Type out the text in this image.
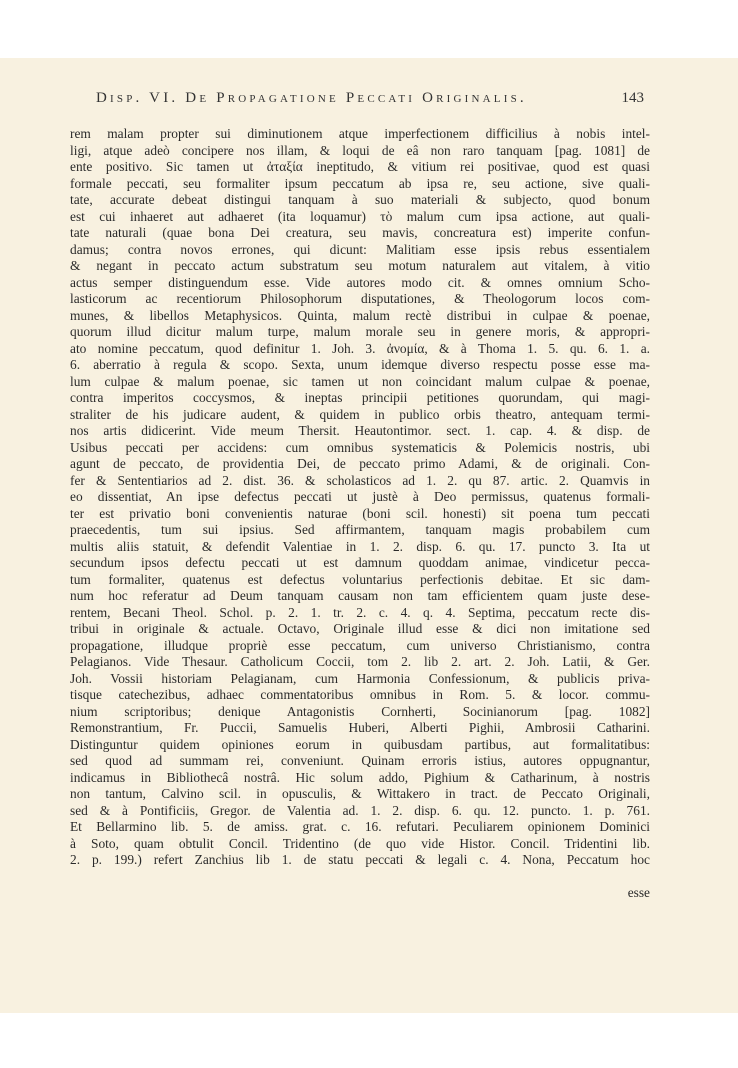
Disp. VI. De Propagatione Peccati Originalis.	143
rem malam propter sui diminutionem atque imperfectionem difficilius à nobis intel-
ligi, atque adeò concipere nos illam, & loqui de eâ non raro tanquam [pag. 1081] de
ente positivo. Sic tamen ut ἀταξία ineptitudo, & vitium rei positivae, quod est quasi
formale peccati, seu formaliter ipsum peccatum ab ipsa re, seu actione, sive quali-
tate, accurate debeat distingui tanquam à suo materiali & subjecto, quod bonum
est cui inhaeret aut adhaeret (ita loquamur) τὸ malum cum ipsa actione, aut quali-
tate naturali (quae bona Dei creatura, seu mavis, concreatura est) imperite confun-
damus; contra novos errones, qui dicunt: Malitiam esse ipsis rebus essentialem
& negant in peccato actum substratum seu motum naturalem aut vitalem, à vitio
actus semper distinguendum esse. Vide autores modo cit. & omnes omnium Scho-
lasticorum ac recentiorum Philosophorum disputationes, & Theologorum locos com-
munes, & libellos Metaphysicos. Quinta, malum rectè distribui in culpae & poenae,
quorum illud dicitur malum turpe, malum morale seu in genere moris, & appropri-
ato nomine peccatum, quod definitur 1. Joh. 3. ἀνομία, & à Thoma 1. 5. qu. 6. 1. a.
6. aberratio à regula & scopo. Sexta, unum idemque diverso respectu posse esse ma-
lum culpae & malum poenae, sic tamen ut non coincidant malum culpae & poenae,
contra imperitos coccysmos, & ineptas principii petitiones quorundam, qui magi-
straliter de his judicare audent, & quidem in publico orbis theatro, antequam termi-
nos artis didicerint. Vide meum Thersit. Heautontimor. sect. 1. cap. 4. & disp. de
Usibus peccati per accidens: cum omnibus systematicis & Polemicis nostris, ubi
agunt de peccato, de providentia Dei, de peccato primo Adami, & de originali. Con-
fer & Sententiarios ad 2. dist. 36. & scholasticos ad 1. 2. qu 87. artic. 2. Quamvis in
eo dissentiat, An ipse defectus peccati ut justè à Deo permissus, quatenus formali-
ter est privatio boni convenientis naturae (boni scil. honesti) sit poena tum peccati
praecedentis, tum sui ipsius. Sed affirmantem, tanquam magis probabilem cum
multis aliis statuit, & defendit Valentiae in 1. 2. disp. 6. qu. 17. puncto 3. Ita ut
secundum ipsos defectu peccati ut est damnum quoddam animae, vindicetur pecca-
tum formaliter, quatenus est defectus voluntarius perfectionis debitae. Et sic dam-
num hoc referatur ad Deum tanquam causam non tam efficientem quam juste dese-
rentem, Becani Theol. Schol. p. 2. 1. tr. 2. c. 4. q. 4. Septima, peccatum recte dis-
tribui in originale & actuale. Octavo, Originale illud esse & dici non imitatione sed
propagatione, illudque propriè esse peccatum, cum universo Christianismo, contra
Pelagianos. Vide Thesaur. Catholicum Coccii, tom 2. lib 2. art. 2. Joh. Latii, & Ger.
Joh. Vossii historiam Pelagianam, cum Harmonia Confessionum, & publicis priva-
tisque catechezibus, adhaec commentatoribus omnibus in Rom. 5. & locor. commu-
nium scriptoribus; denique Antagonistis Cornherti, Socinianorum [pag. 1082]
Remonstrantium, Fr. Puccii, Samuelis Huberi, Alberti Pighii, Ambrosii Catharini.
Distinguntur quidem opiniones eorum in quibusdam partibus, aut formalitatibus:
sed quod ad summam rei, conveniunt. Quinam erroris istius, autores oppugnantur,
indicamus in Bibliothecâ nostrâ. Hic solum addo, Pighium & Catharinum, à nostris
non tantum, Calvino scil. in opusculis, & Wittakero in tract. de Peccato Originali,
sed & à Pontificiis, Gregor. de Valentia ad. 1. 2. disp. 6. qu. 12. puncto. 1. p. 761.
Et Bellarmino lib. 5. de amiss. grat. c. 16. refutari. Peculiarem opinionem Dominici
à Soto, quam obtulit Concil. Tridentino (de quo vide Histor. Concil. Tridentini lib.
2. p. 199.) refert Zanchius lib 1. de statu peccati & legali c. 4. Nona, Peccatum hoc
esse
